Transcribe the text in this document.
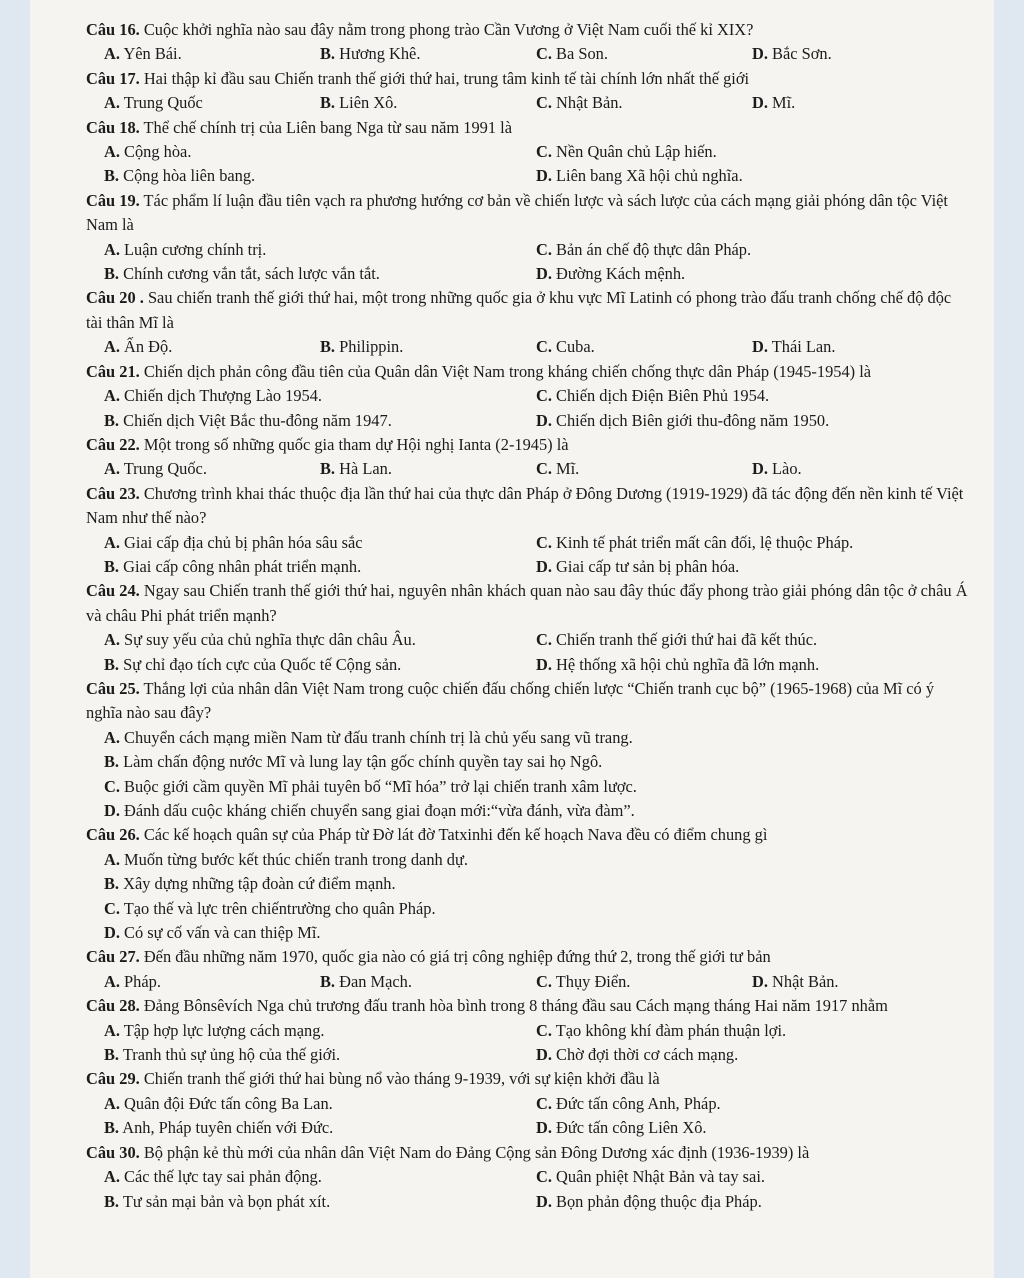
Câu 16. Cuộc khởi nghĩa nào sau đây nằm trong phong trào Cần Vương ở Việt Nam cuối thế kỉ XIX?
A. Yên Bái.	B. Hương Khê.	C. Ba Son.	D. Bắc Sơn.
Câu 17. Hai thập kỉ đầu sau Chiến tranh thế giới thứ hai, trung tâm kinh tế tài chính lớn nhất thế giới
A. Trung Quốc	B. Liên Xô.	C. Nhật Bản.	D. Mĩ.
Câu 18. Thể chế chính trị của Liên bang Nga từ sau năm 1991 là
A. Cộng hòa.	C. Nền Quân chủ Lập hiến.
B. Cộng hòa liên bang.	D. Liên bang Xã hội chủ nghĩa.
Câu 19. Tác phẩm lí luận đầu tiên vạch ra phương hướng cơ bản về chiến lược và sách lược của cách mạng giải phóng dân tộc Việt Nam là
A. Luận cương chính trị.	C. Bản án chế độ thực dân Pháp.
B. Chính cương vắn tắt, sách lược vắn tắt.	D. Đường Kách mệnh.
Câu 20 . Sau chiến tranh thế giới thứ hai, một trong những quốc gia ở khu vực Mĩ Latinh có phong trào đấu tranh chống chế độ độc tài thân Mĩ là
A. Ấn Độ.	B. Philippin.	C. Cuba.	D. Thái Lan.
Câu 21. Chiến dịch phản công đầu tiên của Quân dân Việt Nam trong kháng chiến chống thực dân Pháp (1945-1954) là
A. Chiến dịch Thượng Lào 1954.	C. Chiến dịch Điện Biên Phủ 1954.
B. Chiến dịch Việt Bắc thu-đông năm 1947.	D. Chiến dịch Biên giới thu-đông năm 1950.
Câu 22. Một trong số những quốc gia tham dự Hội nghị Ianta (2-1945) là
A. Trung Quốc.	B. Hà Lan.	C. Mĩ.	D. Lào.
Câu 23. Chương trình khai thác thuộc địa lần thứ hai của thực dân Pháp ở Đông Dương (1919-1929) đã tác động đến nền kinh tế Việt Nam như thế nào?
A. Giai cấp địa chủ bị phân hóa sâu sắc	C. Kinh tế phát triển mất cân đối, lệ thuộc Pháp.
B. Giai cấp công nhân phát triển mạnh.	D. Giai cấp tư sản bị phân hóa.
Câu 24. Ngay sau Chiến tranh thế giới thứ hai, nguyên nhân khách quan nào sau đây thúc đẩy phong trào giải phóng dân tộc ở châu Á và châu Phi phát triển mạnh?
A. Sự suy yếu của chủ nghĩa thực dân châu Âu.	C. Chiến tranh thế giới thứ hai đã kết thúc.
B. Sự chỉ đạo tích cực của Quốc tế Cộng sản.	D. Hệ thống xã hội chủ nghĩa đã lớn mạnh.
Câu 25. Thắng lợi của nhân dân Việt Nam trong cuộc chiến đấu chống chiến lược “Chiến tranh cục bộ” (1965-1968) của Mĩ có ý nghĩa nào sau đây?
A. Chuyển cách mạng miền Nam từ đấu tranh chính trị là chủ yếu sang vũ trang.
B. Làm chấn động nước Mĩ và lung lay tận gốc chính quyền tay sai họ Ngô.
C. Buộc giới cầm quyền Mĩ phải tuyên bố “Mĩ hóa” trở lại chiến tranh xâm lược.
D. Đánh dấu cuộc kháng chiến chuyển sang giai đoạn mới:“vừa đánh, vừa đàm”.
Câu 26. Các kế hoạch quân sự của Pháp từ Đờ lát đờ Tatxinhi đến kế hoạch Nava đều có điểm chung gì
A. Muốn từng bước kết thúc chiến tranh trong danh dự.
B. Xây dựng những tập đoàn cứ điểm mạnh.
C. Tạo thế và lực trên chiếntrường cho quân Pháp.
D. Có sự cố vấn và can thiệp Mĩ.
Câu 27. Đến đầu những năm 1970, quốc gia nào có giá trị công nghiệp đứng thứ 2, trong thế giới tư bản
A. Pháp.	B. Đan Mạch.	C. Thụy Điển.	D. Nhật Bản.
Câu 28. Đảng Bônsêvích Nga chủ trương đấu tranh hòa bình trong 8 tháng đầu sau Cách mạng tháng Hai năm 1917 nhằm
A. Tập hợp lực lượng cách mạng.	C. Tạo không khí đàm phán thuận lợi.
B. Tranh thủ sự ủng hộ của thế giới.	D. Chờ đợi thời cơ cách mạng.
Câu 29. Chiến tranh thế giới thứ hai bùng nổ vào tháng 9-1939, với sự kiện khởi đầu là
A. Quân đội Đức tấn công Ba Lan.	C. Đức tấn công Anh, Pháp.
B. Anh, Pháp tuyên chiến với Đức.	D. Đức tấn công Liên Xô.
Câu 30. Bộ phận kẻ thù mới của nhân dân Việt Nam do Đảng Cộng sản Đông Dương xác định (1936-1939) là
A. Các thế lực tay sai phản động.	C. Quân phiệt Nhật Bản và tay sai.
B. Tư sản mại bản và bọn phát xít.	D. Bọn phản động thuộc địa Pháp.
